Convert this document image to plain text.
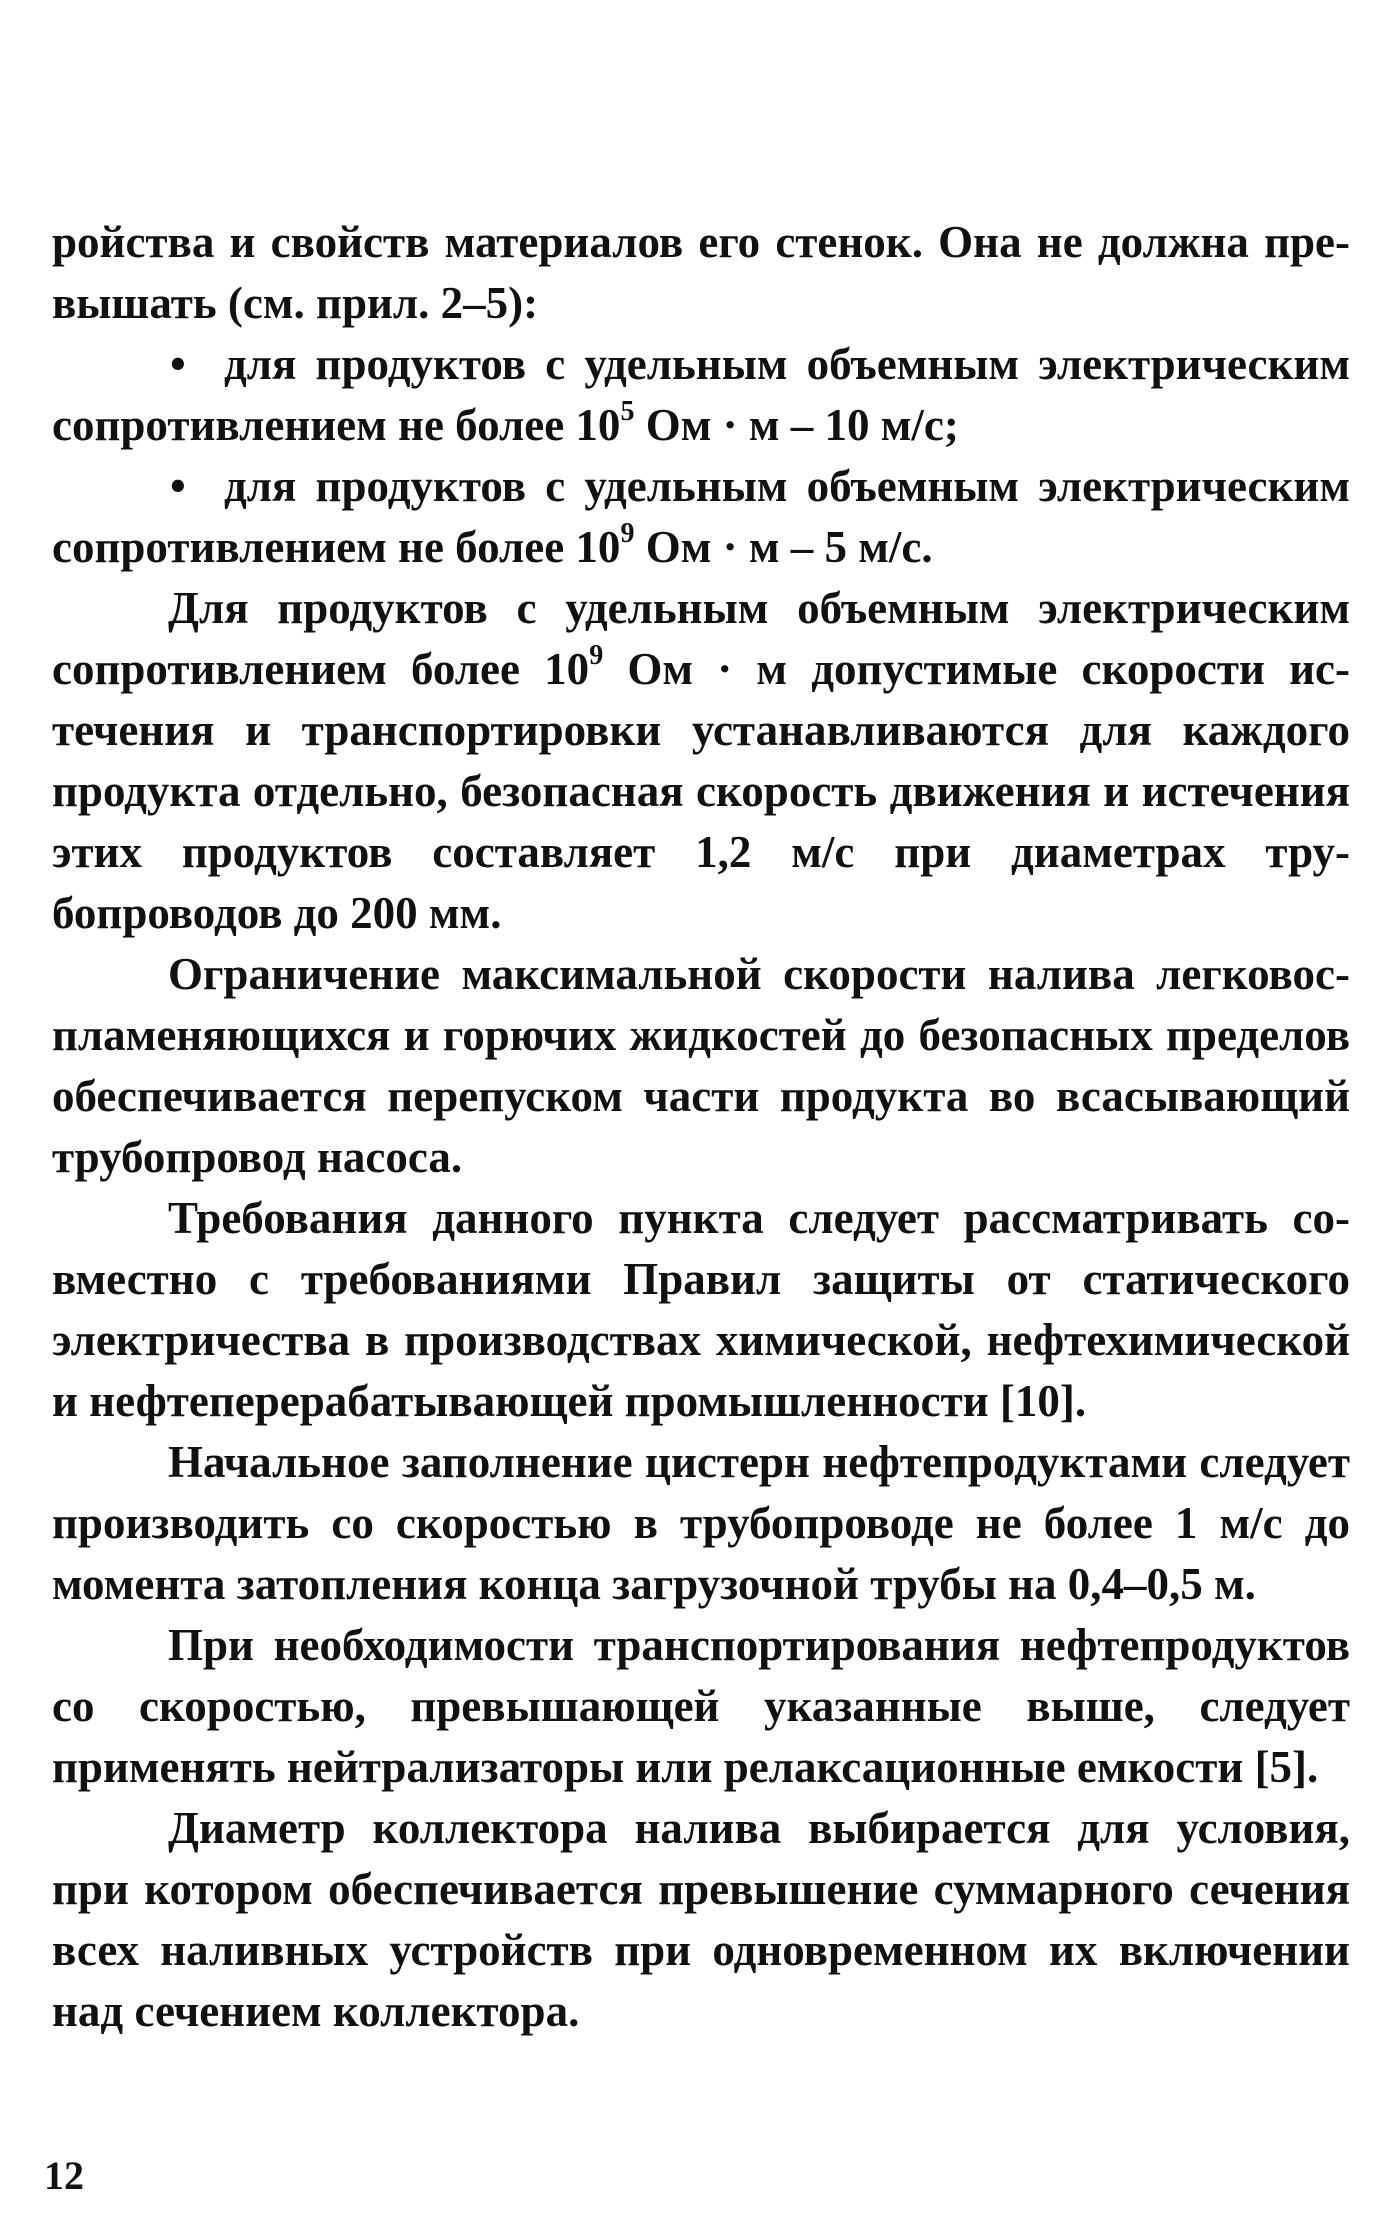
ройства и свойств материалов его стенок. Она не должна превышать (см. прил. 2–5):

• для продуктов с удельным объемным электрическим сопротивлением не более $10^5$ Ом · м – 10 м/с;

• для продуктов с удельным объемным электрическим сопротивлением не более $10^9$ Ом · м – 5 м/с.

Для продуктов с удельным объемным электрическим сопротивлением более $10^9$ Ом · м допустимые скорости истечения и транспортировки устанавливаются для каждого продукта отдельно, безопасная скорость движения и истечения этих продуктов составляет 1,2 м/с при диаметрах трубопроводов до 200 мм.

Ограничение максимальной скорости налива легковоспламеняющихся и горючих жидкостей до безопасных пределов обеспечивается перепуском части продукта во всасывающий трубопровод насоса.

Требования данного пункта следует рассматривать совместно с требованиями Правил защиты от статического электричества в производствах химической, нефтехимической и нефтеперерабатывающей промышленности [10].

Начальное заполнение цистерн нефтепродуктами следует производить со скоростью в трубопроводе не более 1 м/с до момента затопления конца загрузочной трубы на 0,4–0,5 м.

При необходимости транспортирования нефтепродуктов со скоростью, превышающей указанные выше, следует применять нейтрализаторы или релаксационные емкости [5].

Диаметр коллектора налива выбирается для условия, при котором обеспечивается превышение суммарного сечения всех наливных устройств при одновременном их включении над сечением коллектора.

12
